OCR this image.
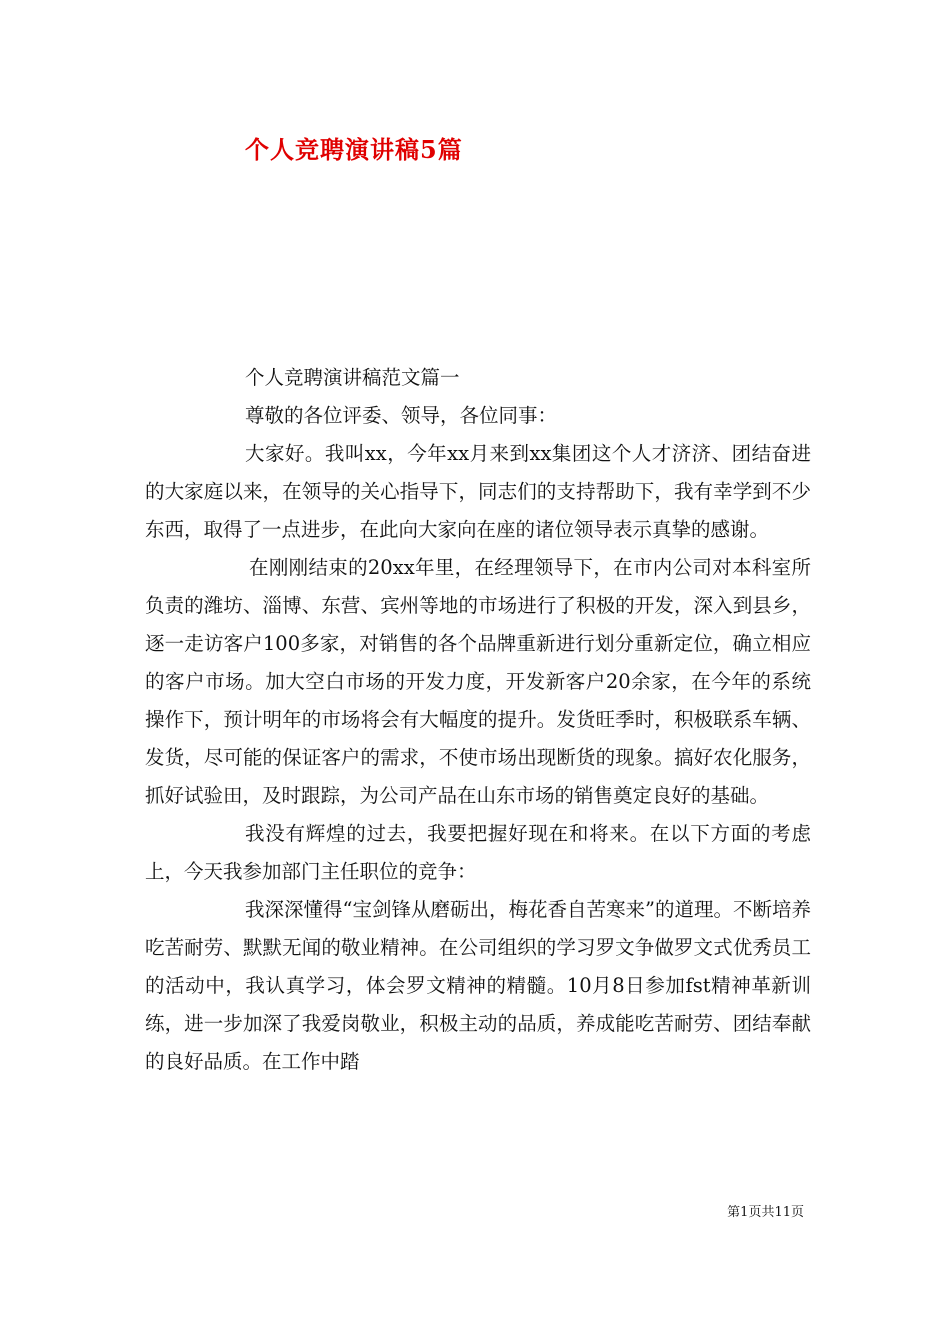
个人竞聘演讲稿5篇

个人竞聘演讲稿范文篇一

尊敬的各位评委、领导，各位同事：

大家好。我叫xx，今年xx月来到xx集团这个人才济济、团结奋进的大家庭以来，在领导的关心指导下，同志们的支持帮助下，我有幸学到不少东西，取得了一点进步，在此向大家向在座的诸位领导表示真挚的感谢。

在刚刚结束的20xx年里，在经理领导下，在市内公司对本科室所负责的潍坊、淄博、东营、宾州等地的市场进行了积极的开发，深入到县乡，逐一走访客户100多家，对销售的各个品牌重新进行划分重新定位，确立相应的客户市场。加大空白市场的开发力度，开发新客户20余家，在今年的系统操作下，预计明年的市场将会有大幅度的提升。发货旺季时，积极联系车辆、发货，尽可能的保证客户的需求，不使市场出现断货的现象。搞好农化服务，抓好试验田，及时跟踪，为公司产品在山东市场的销售奠定良好的基础。

我没有辉煌的过去，我要把握好现在和将来。在以下方面的考虑上，今天我参加部门主任职位的竞争：

我深深懂得“宝剑锋从磨砺出，梅花香自苦寒来”的道理。不断培养吃苦耐劳、默默无闻的敬业精神。在公司组织的学习罗文争做罗文式优秀员工的活动中，我认真学习，体会罗文精神的精髓。10月8日参加fst精神革新训练，进一步加深了我爱岗敬业，积极主动的品质，养成能吃苦耐劳、团结奉献的良好品质。在工作中踏

第1页共11页
